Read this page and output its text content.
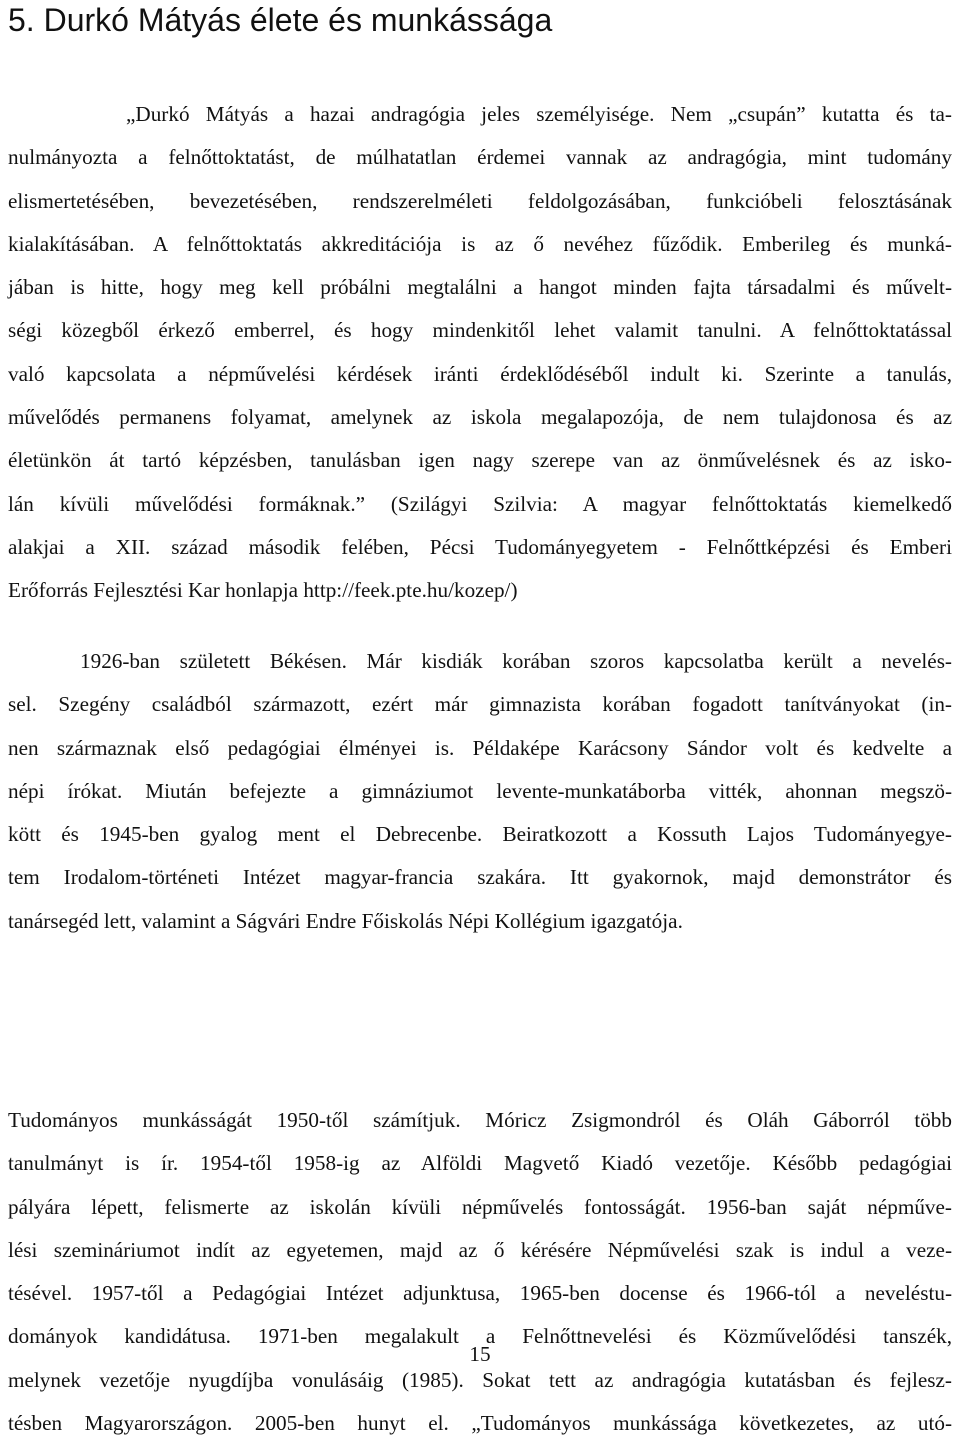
5. Durkó Mátyás élete és munkássága
„Durkó Mátyás a hazai andragógia jeles személyisége. Nem „csupán” kutatta és ta-
nulmányozta a felnőttoktatást, de múlhatatlan érdemei vannak az andragógia, mint tudomány
elismertetésében, bevezetésében, rendszerelméleti feldolgozásában, funkcióbeli felosztásának
kialakításában. A felnőttoktatás akkreditációja is az ő nevéhez fűződik. Emberileg és munká-
jában is hitte, hogy meg kell próbálni megtalálni a hangot minden fajta társadalmi és művelt-
ségi közegből érkező emberrel, és hogy mindenkitől lehet valamit tanulni. A felnőttoktatással
való kapcsolata a népművelési kérdések iránti érdeklődéséből indult ki. Szerinte a tanulás,
művelődés permanens folyamat, amelynek az iskola megalapozója, de nem tulajdonosa és az
életünkön át tartó képzésben, tanulásban igen nagy szerepe van az önművelésnek és az isko-
lán kívüli művelődési formáknak.” (Szilágyi Szilvia: A magyar felnőttoktatás kiemelkedő
alakjai a XII. század második felében, Pécsi Tudományegyetem - Felnőttképzési és Emberi
Erőforrás Fejlesztési Kar honlapja http://feek.pte.hu/kozep/)
1926-ban született Békésen. Már kisdiák korában szoros kapcsolatba került a nevelés-
sel. Szegény családból származott, ezért már gimnazista korában fogadott tanítványokat (in-
nen származnak első pedagógiai élményei is. Példaképe Karácsony Sándor volt és kedvelte a
népi írókat. Miután befejezte a gimnáziumot levente-munkatáborba vitték, ahonnan megszö-
kött és 1945-ben gyalog ment el Debrecenbe. Beiratkozott a Kossuth Lajos Tudományegye-
tem Irodalom-történeti Intézet magyar-francia szakára. Itt gyakornok, majd demonstrátor és
tanársegéd lett, valamint a Ságvári Endre Főiskolás Népi Kollégium igazgatója.
Tudományos munkásságát 1950-től számítjuk. Móricz Zsigmondról és Oláh Gáborról több
tanulmányt is ír. 1954-től 1958-ig az Alföldi Magvető Kiadó vezetője. Később pedagógiai
pályára lépett, felismerte az iskolán kívüli népművelés fontosságát. 1956-ban saját népműve-
lési szemináriumot indít az egyetemen, majd az ő kérésére Népművelési szak is indul a veze-
tésével. 1957-től a Pedagógiai Intézet adjunktusa, 1965-ben docense és 1966-tól a neveléstu-
dományok kandidátusa. 1971-ben megalakult a Felnőttnevelési és Közművelődési tanszék,
melynek vezetője nyugdíjba vonulásáig (1985). Sokat tett az andragógia kutatásban és fejlesz-
tésben Magyarországon. 2005-ben hunyt el. „Tudományos munkássága következetes, az utó-
15
